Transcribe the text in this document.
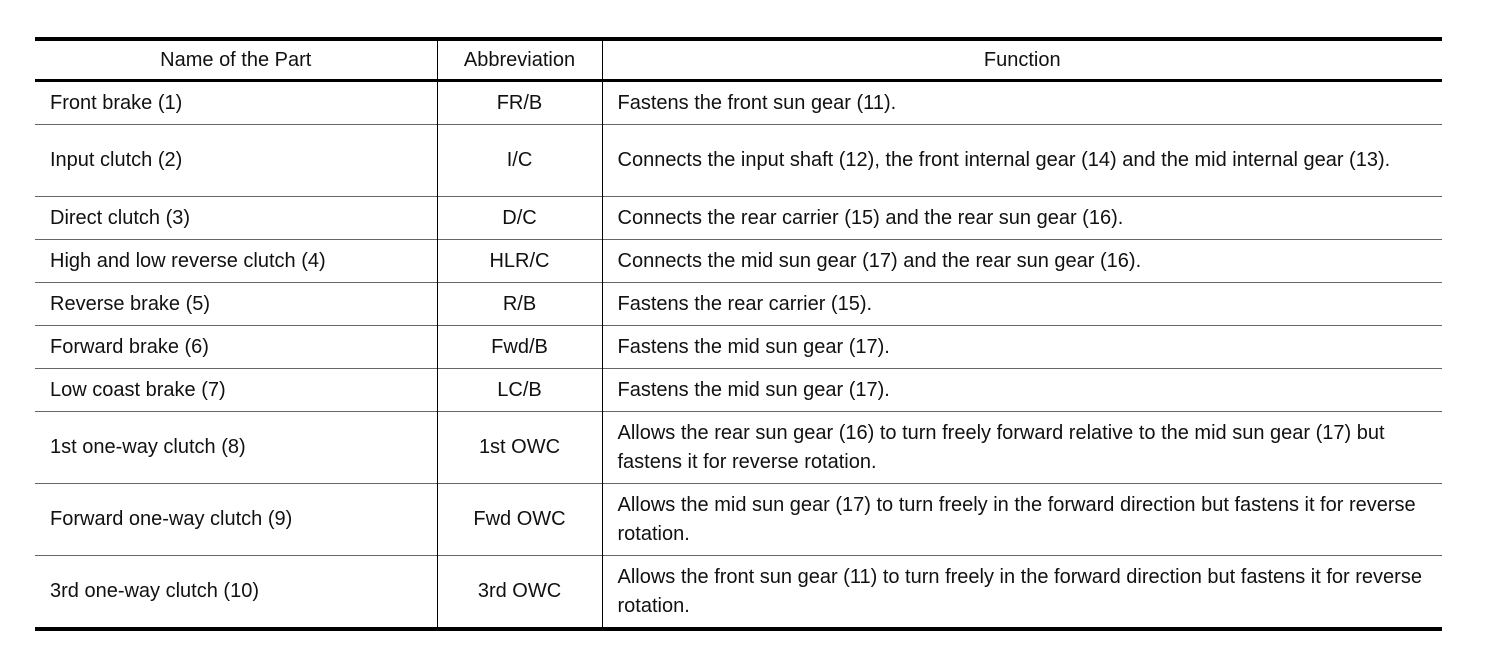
Name of the Part	Abbreviation	Function
Front brake (1)	FR/B	Fastens the front sun gear (11).
Input clutch (2)	I/C	Connects the input shaft (12), the front internal gear (14) and the mid internal gear (13).
Direct clutch (3)	D/C	Connects the rear carrier (15) and the rear sun gear (16).
High and low reverse clutch (4)	HLR/C	Connects the mid sun gear (17) and the rear sun gear (16).
Reverse brake (5)	R/B	Fastens the rear carrier (15).
Forward brake (6)	Fwd/B	Fastens the mid sun gear (17).
Low coast brake (7)	LC/B	Fastens the mid sun gear (17).
1st one-way clutch (8)	1st OWC	Allows the rear sun gear (16) to turn freely forward relative to the mid sun gear (17) but fastens it for reverse rotation.
Forward one-way clutch (9)	Fwd OWC	Allows the mid sun gear (17) to turn freely in the forward direction but fastens it for reverse rotation.
3rd one-way clutch (10)	3rd OWC	Allows the front sun gear (11) to turn freely in the forward direction but fastens it for reverse rotation.
